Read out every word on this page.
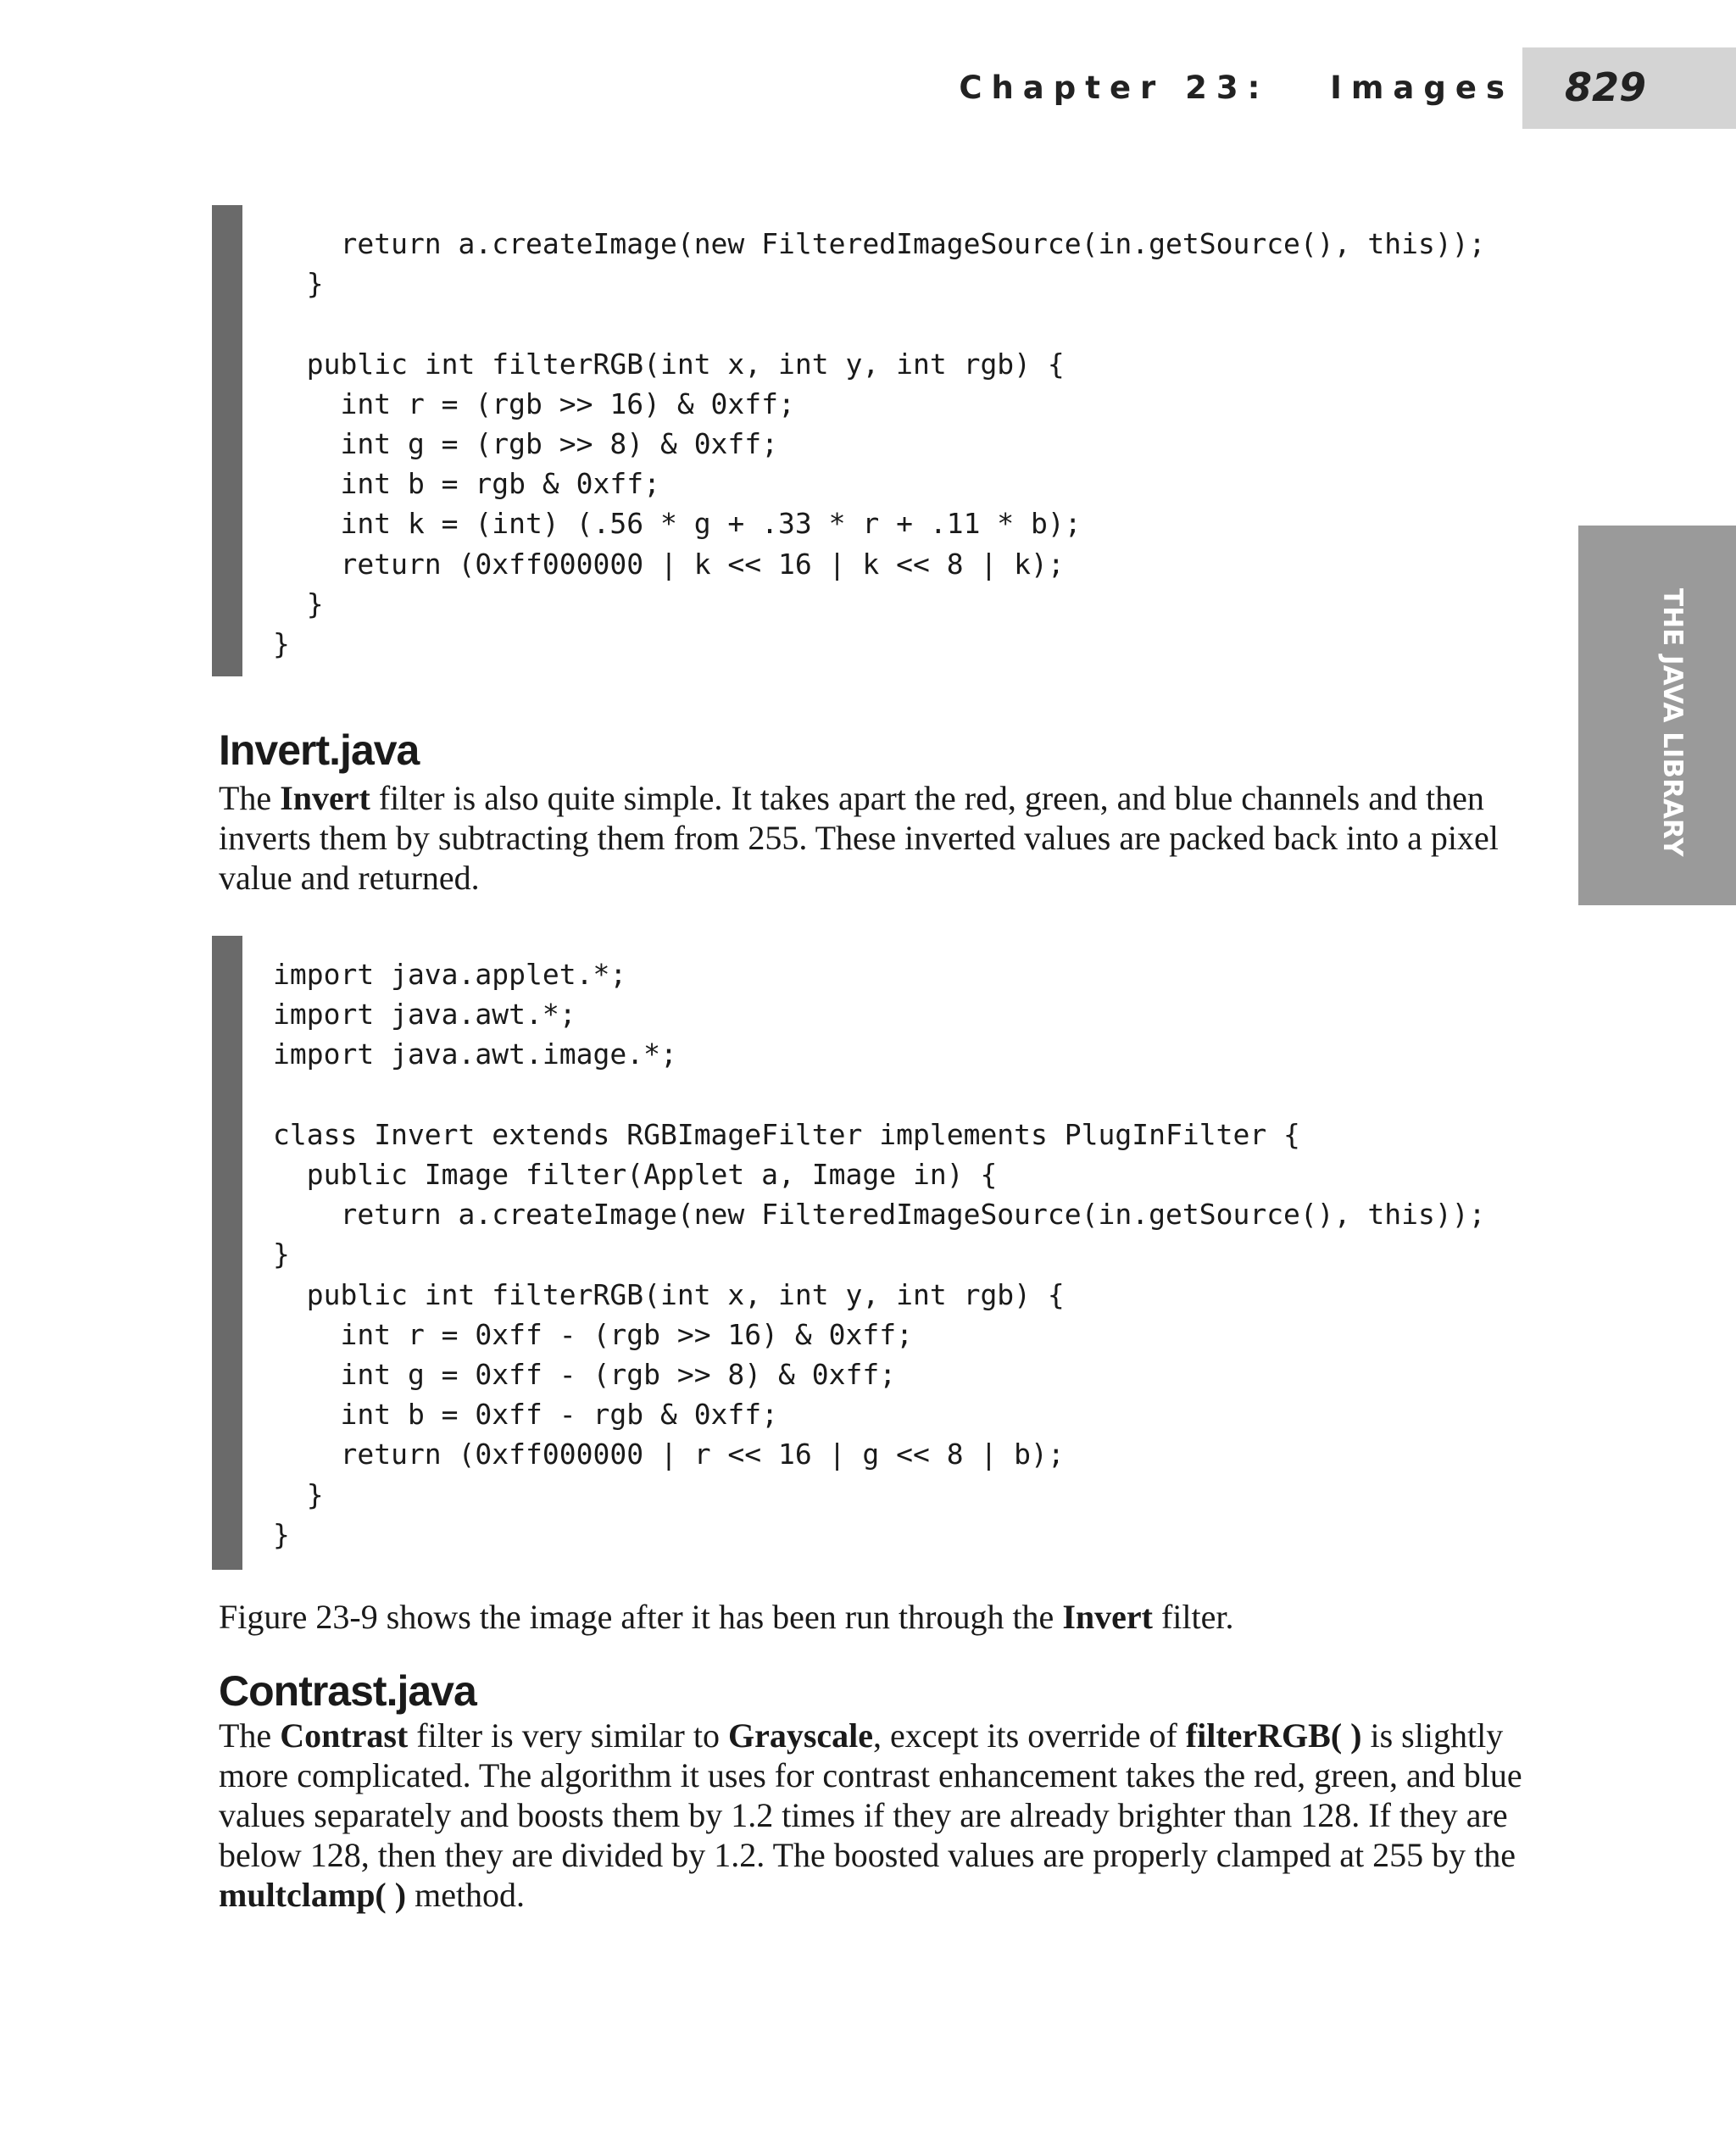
Chapter 23:   Images 829
THE JAVA LIBRARY
return a.createImage(new FilteredImageSource(in.getSource(), this));
}

public int filterRGB(int x, int y, int rgb) {
int r = (rgb >> 16) & 0xff;
int g = (rgb >> 8) & 0xff;
int b = rgb & 0xff;
int k = (int) (.56 * g + .33 * r + .11 * b);
return (0xff000000 | k << 16 | k << 8 | k);
}
}
Invert.java

The Invert filter is also quite simple. It takes apart the red, green, and blue channels and then inverts them by subtracting them from 255. These inverted values are packed back into a pixel value and returned.

import java.applet.*;
import java.awt.*;
import java.awt.image.*;

class Invert extends RGBImageFilter implements PlugInFilter {
public Image filter(Applet a, Image in) {
return a.createImage(new FilteredImageSource(in.getSource(), this));
}
public int filterRGB(int x, int y, int rgb) {
int r = 0xff - (rgb >> 16) & 0xff;
int g = 0xff - (rgb >> 8) & 0xff;
int b = 0xff - rgb & 0xff;
return (0xff000000 | r << 16 | g << 8 | b);
}
}

Figure 23-9 shows the image after it has been run through the Invert filter.

Contrast.java

The Contrast filter is very similar to Grayscale, except its override of filterRGB( ) is slightly more complicated. The algorithm it uses for contrast enhancement takes the red, green, and blue values separately and boosts them by 1.2 times if they are already brighter than 128. If they are below 128, then they are divided by 1.2. The boosted values are properly clamped at 255 by the multclamp( ) method.
